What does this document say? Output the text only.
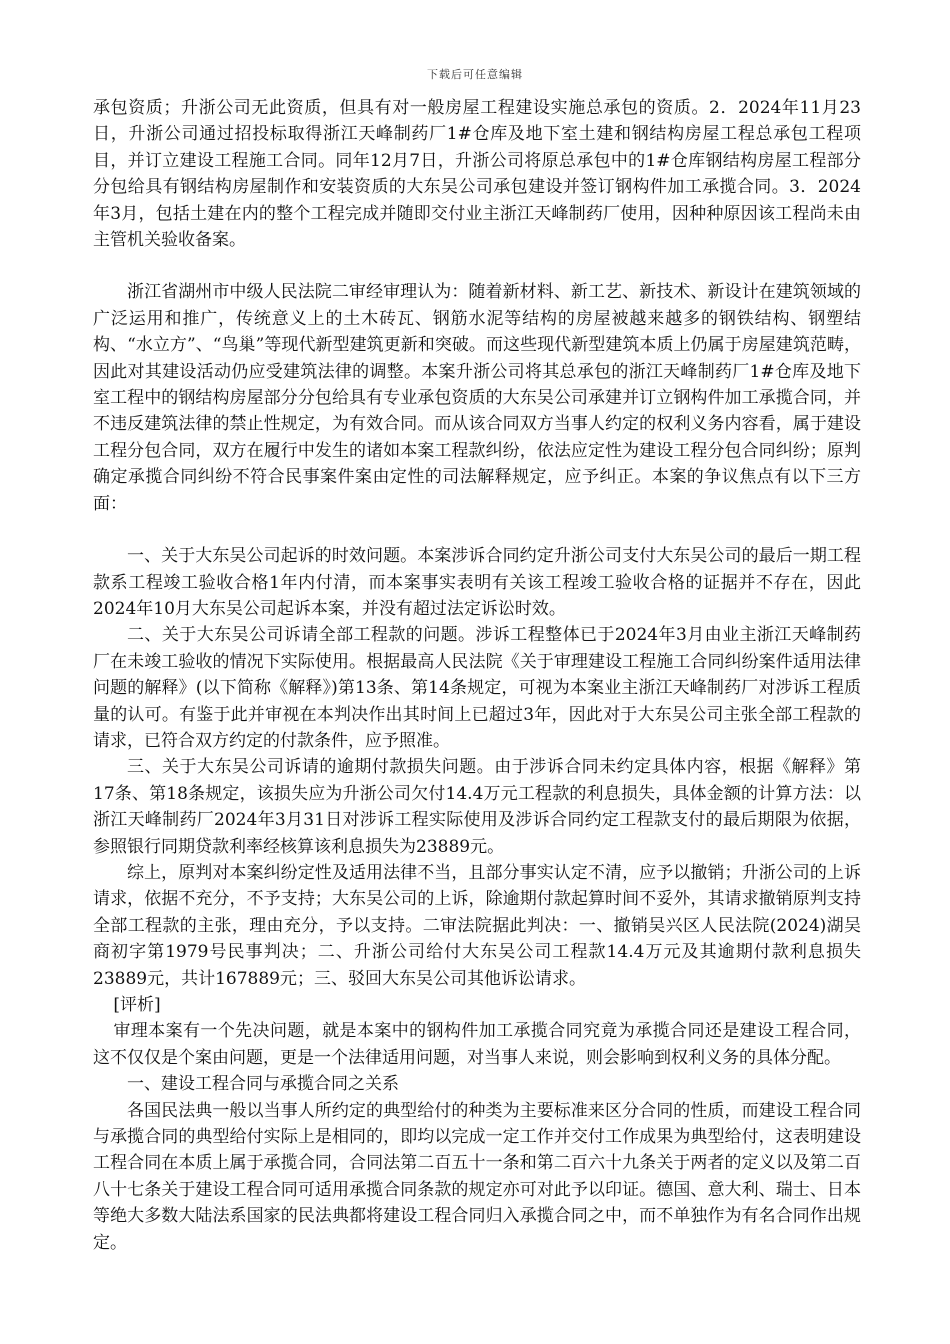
下载后可任意编辑

承包资质；升浙公司无此资质，但具有对一般房屋工程建设实施总承包的资质。2．2024年11月23日，升浙公司通过招投标取得浙江天峰制药厂1#仓库及地下室土建和钢结构房屋工程总承包工程项目，并订立建设工程施工合同。同年12月7日，升浙公司将原总承包中的1#仓库钢结构房屋工程部分分包给具有钢结构房屋制作和安装资质的大东吴公司承包建设并签订钢构件加工承揽合同。3．2024年3月，包括土建在内的整个工程完成并随即交付业主浙江天峰制药厂使用，因种种原因该工程尚未由主管机关验收备案。

浙江省湖州市中级人民法院二审经审理认为：随着新材料、新工艺、新技术、新设计在建筑领域的广泛运用和推广，传统意义上的土木砖瓦、钢筋水泥等结构的房屋被越来越多的钢铁结构、钢塑结构、“水立方”、“鸟巢”等现代新型建筑更新和突破。而这些现代新型建筑本质上仍属于房屋建筑范畴，因此对其建设活动仍应受建筑法律的调整。本案升浙公司将其总承包的浙江天峰制药厂1#仓库及地下室工程中的钢结构房屋部分分包给具有专业承包资质的大东吴公司承建并订立钢构件加工承揽合同，并不违反建筑法律的禁止性规定，为有效合同。而从该合同双方当事人约定的权利义务内容看，属于建设工程分包合同，双方在履行中发生的诸如本案工程款纠纷，依法应定性为建设工程分包合同纠纷；原判确定承揽合同纠纷不符合民事案件案由定性的司法解释规定，应予纠正。本案的争议焦点有以下三方面：

一、关于大东吴公司起诉的时效问题。本案涉诉合同约定升浙公司支付大东吴公司的最后一期工程款系工程竣工验收合格1年内付清，而本案事实表明有关该工程竣工验收合格的证据并不存在，因此2024年10月大东吴公司起诉本案，并没有超过法定诉讼时效。

二、关于大东吴公司诉请全部工程款的问题。涉诉工程整体已于2024年3月由业主浙江天峰制药厂在未竣工验收的情况下实际使用。根据最高人民法院《关于审理建设工程施工合同纠纷案件适用法律问题的解释》(以下简称《解释》)第13条、第14条规定，可视为本案业主浙江天峰制药厂对涉诉工程质量的认可。有鉴于此并审视在本判决作出其时间上已超过3年，因此对于大东吴公司主张全部工程款的请求，已符合双方约定的付款条件，应予照准。

三、关于大东吴公司诉请的逾期付款损失问题。由于涉诉合同未约定具体内容，根据《解释》第17条、第18条规定，该损失应为升浙公司欠付14.4万元工程款的利息损失，具体金额的计算方法：以浙江天峰制药厂2024年3月31日对涉诉工程实际使用及涉诉合同约定工程款支付的最后期限为依据，参照银行同期贷款利率经核算该利息损失为23889元。

综上，原判对本案纠纷定性及适用法律不当，且部分事实认定不清，应予以撤销；升浙公司的上诉请求，依据不充分，不予支持；大东吴公司的上诉，除逾期付款起算时间不妥外，其请求撤销原判支持全部工程款的主张，理由充分，予以支持。二审法院据此判决：一、撤销吴兴区人民法院(2024)湖吴商初字第1979号民事判决；二、升浙公司给付大东吴公司工程款14.4万元及其逾期付款利息损失23889元，共计167889元；三、驳回大东吴公司其他诉讼请求。

[评析]

审理本案有一个先决问题，就是本案中的钢构件加工承揽合同究竟为承揽合同还是建设工程合同，这不仅仅是个案由问题，更是一个法律适用问题，对当事人来说，则会影响到权利义务的具体分配。

一、建设工程合同与承揽合同之关系

各国民法典一般以当事人所约定的典型给付的种类为主要标准来区分合同的性质，而建设工程合同与承揽合同的典型给付实际上是相同的，即均以完成一定工作并交付工作成果为典型给付，这表明建设工程合同在本质上属于承揽合同，合同法第二百五十一条和第二百六十九条关于两者的定义以及第二百八十七条关于建设工程合同可适用承揽合同条款的规定亦可对此予以印证。德国、意大利、瑞士、日本等绝大多数大陆法系国家的民法典都将建设工程合同归入承揽合同之中，而不单独作为有名合同作出规定。
